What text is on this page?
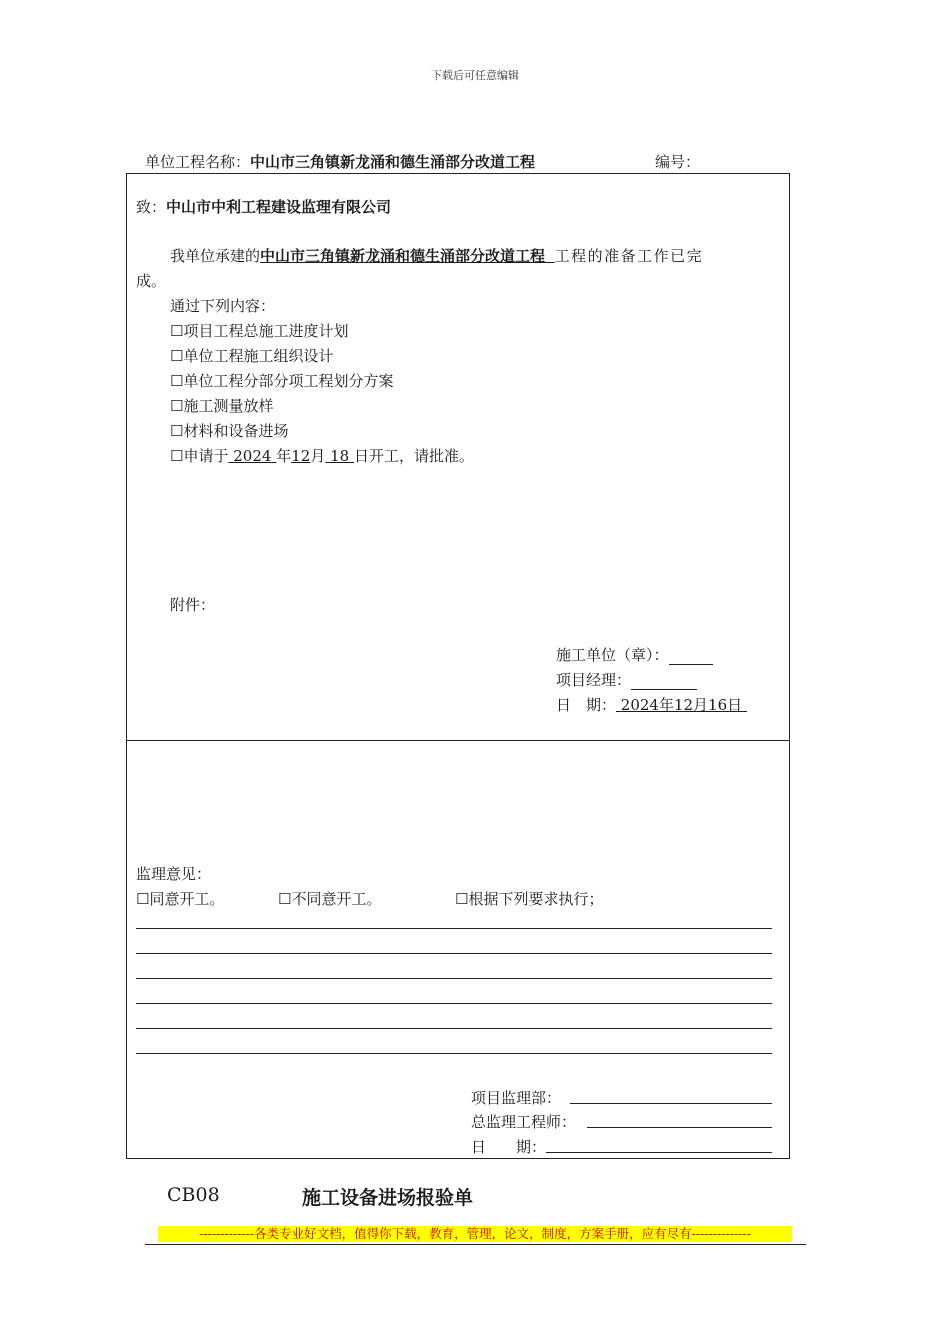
下载后可任意编辑
单位工程名称：中山市三角镇新龙涌和德生涌部分改道工程	编号：
致：中山市中利工程建设监理有限公司
我单位承建的中山市三角镇新龙涌和德生涌部分改道工程 工程的准备工作已完
成。
通过下列内容：
☐项目工程总施工进度计划
☐单位工程施工组织设计
☐单位工程分部分项工程划分方案
☐施工测量放样
☐材料和设备进场
☐申请于 2024 年12月 18 日开工，请批准。
附件：
施工单位（章）：
项目经理：
日　期： 2024年12月16日
监理意见：
☐同意开工。	☐不同意开工。	☐根据下列要求执行；
项目监理部：
总监理工程师：
日　　期：
CB08	施工设备进场报验单
-------------各类专业好文档，值得你下载，教育，管理，论文，制度，方案手册，应有尽有--------------
